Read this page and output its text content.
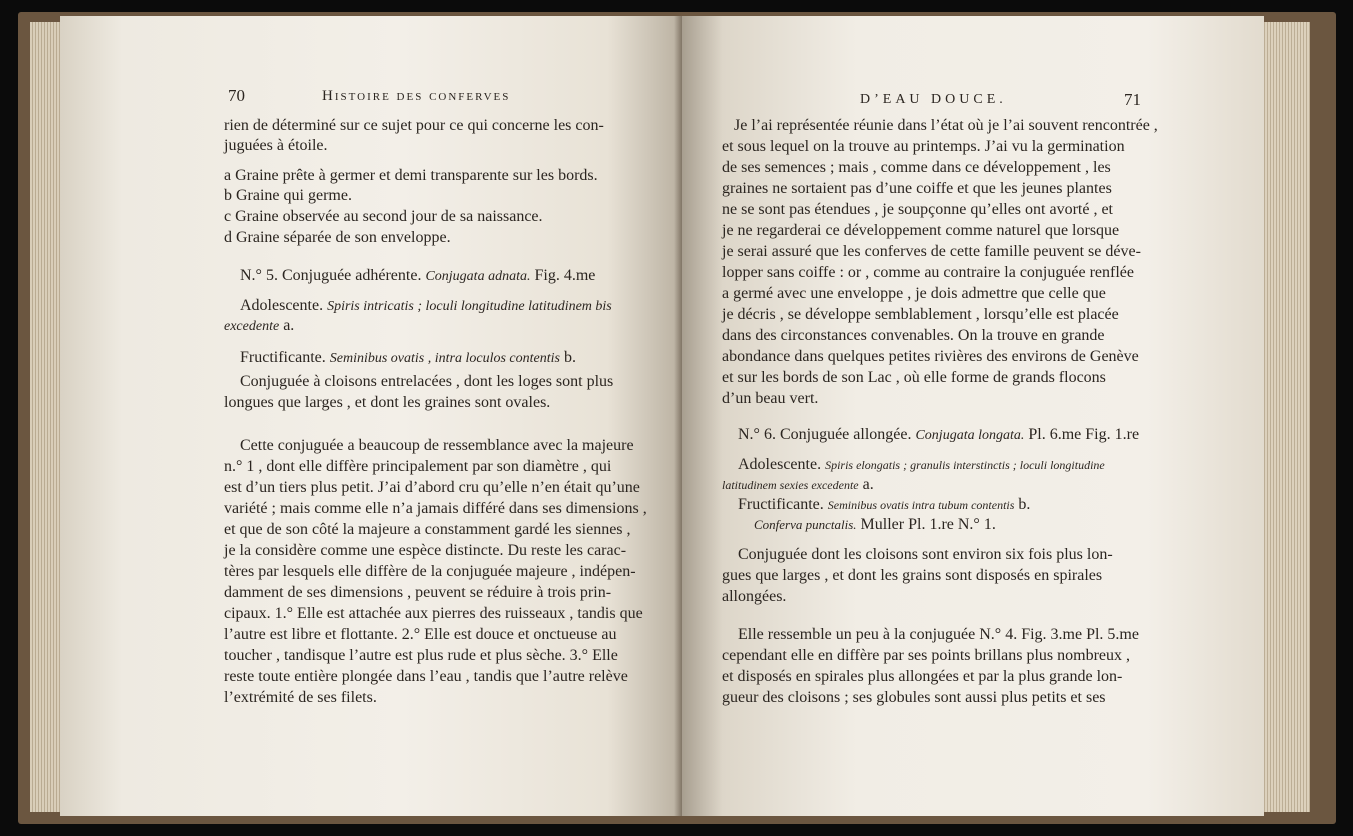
70	Histoire des conferves
rien de déterminé sur ce sujet pour ce qui concerne les con-
juguées à étoile.
a Graine prête à germer et demi transparente sur les bords.
b Graine qui germe.
c Graine observée au second jour de sa naissance.
d Graine séparée de son enveloppe.
N.° 5. Conjuguée adhérente. Conjugata adnata. Fig. 4.me
Adolescente. Spiris intricatis ; loculi longitudine latitudinem bis
excedente a.
Fructificante. Seminibus ovatis , intra loculos contentis b.
Conjuguée à cloisons entrelacées , dont les loges sont plus
longues que larges , et dont les graines sont ovales.
Cette conjuguée a beaucoup de ressemblance avec la majeure
n.° 1 , dont elle diffère principalement par son diamètre , qui
est d’un tiers plus petit. J’ai d’abord cru qu’elle n’en était qu’une
variété ; mais comme elle n’a jamais différé dans ses dimensions ,
et que de son côté la majeure a constamment gardé les siennes ,
je la considère comme une espèce distincte. Du reste les carac-
tères par lesquels elle diffère de la conjuguée majeure , indépen-
damment de ses dimensions , peuvent se réduire à trois prin-
cipaux. 1.° Elle est attachée aux pierres des ruisseaux , tandis que
l’autre est libre et flottante. 2.° Elle est douce et onctueuse au
toucher , tandisque l’autre est plus rude et plus sèche. 3.° Elle
reste toute entière plongée dans l’eau , tandis que l’autre relève
l’extrémité de ses filets.
D’EAU DOUCE.	71
Je l’ai représentée réunie dans l’état où je l’ai souvent rencontrée ,
et sous lequel on la trouve au printemps. J’ai vu la germination
de ses semences ; mais , comme dans ce développement , les
graines ne sortaient pas d’une coiffe et que les jeunes plantes
ne se sont pas étendues , je soupçonne qu’elles ont avorté , et
je ne regarderai ce développement comme naturel que lorsque
je serai assuré que les conferves de cette famille peuvent se déve-
lopper sans coiffe : or , comme au contraire la conjuguée renflée
a germé avec une enveloppe , je dois admettre que celle que
je décris , se développe semblablement , lorsqu’elle est placée
dans des circonstances convenables. On la trouve en grande
abondance dans quelques petites rivières des environs de Genève
et sur les bords de son Lac , où elle forme de grands flocons
d’un beau vert.
N.° 6. Conjuguée allongée. Conjugata longata. Pl. 6.me Fig. 1.re
Adolescente. Spiris elongatis ; granulis interstinctis ; loculi longitudine
latitudinem sexies excedente a.
Fructificante. Seminibus ovatis intra tubum contentis b.
Conferva punctalis. Muller Pl. 1.re N.° 1.
Conjuguée dont les cloisons sont environ six fois plus lon-
gues que larges , et dont les grains sont disposés en spirales
allongées.
Elle ressemble un peu à la conjuguée N.° 4. Fig. 3.me Pl. 5.me
cependant elle en diffère par ses points brillans plus nombreux ,
et disposés en spirales plus allongées et par la plus grande lon-
gueur des cloisons ; ses globules sont aussi plus petits et ses
